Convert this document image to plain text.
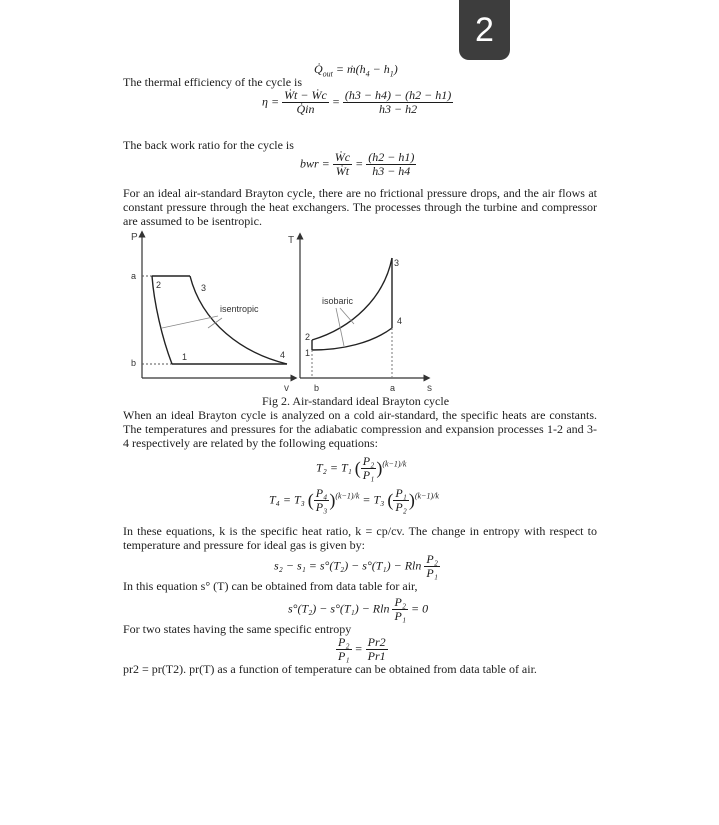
2
$Q̇_{out}$ = $ṁ(h_4 - h_1)$
The thermal efficiency of the cycle is
$\eta = \frac{\text{Ẇt − Ẇc}}{Q̇in} = \frac{(h3 - h4) - (h2 - h1)}{h3 - h2}$
The back work ratio for the cycle is
bwr = $\frac{\text{Ẇc}}{\text{Ẇt}} = \frac{(h2 - h1)}{h3 - h4}$
For an ideal air-standard Brayton cycle, there are no frictional pressure drops, and the air flows at constant pressure through the heat exchangers. The processes through the turbine and compressor are assumed to be isentropic.
P
v
a
b
2	3
1	4
isentropic
T
s
b	a
2
1
3
4
isobaric
Fig 2. Air-standard ideal Brayton cycle
When an ideal Brayton cycle is analyzed on a cold air-standard, the specific heats are constants. The temperatures and pressures for the adiabatic compression and expansion processes 1-2 and 3-4 respectively are related by the following equations:
T₂ = T₁ ( $\frac{\text{P₂}}{\text{P₁}} )^{(k-1)/k}$
T₄ = T₃ ( $\frac{\text{P₄}}{\text{P₃}} )^{(k-1)/k} = T_3$ ( $\frac{\text{P₁}}{\text{P₂}} )^{(k-1)/k}$
In these equations, k is the specific heat ratio, k = cp/cv. The change in entropy with respect to temperature and pressure for ideal gas is given by:
s₂ − s₁ = s°(T₂) − s°(T₁) − Rln $\frac{\text{P₂}}{\text{P₁}}$
In this equation s° (T) can be obtained from data table for air,
s°(T₂) − s°(T₁) − Rln $\frac{\text{P₂}}{\text{P₁}} = 0$
For two states having the same specific entropy
$\frac{\text{P₂}}{\text{P₁}} = \frac{Pr2}{Pr1}$
pr2 = pr(T2). pr(T) as a function of temperature can be obtained from data table of air.
